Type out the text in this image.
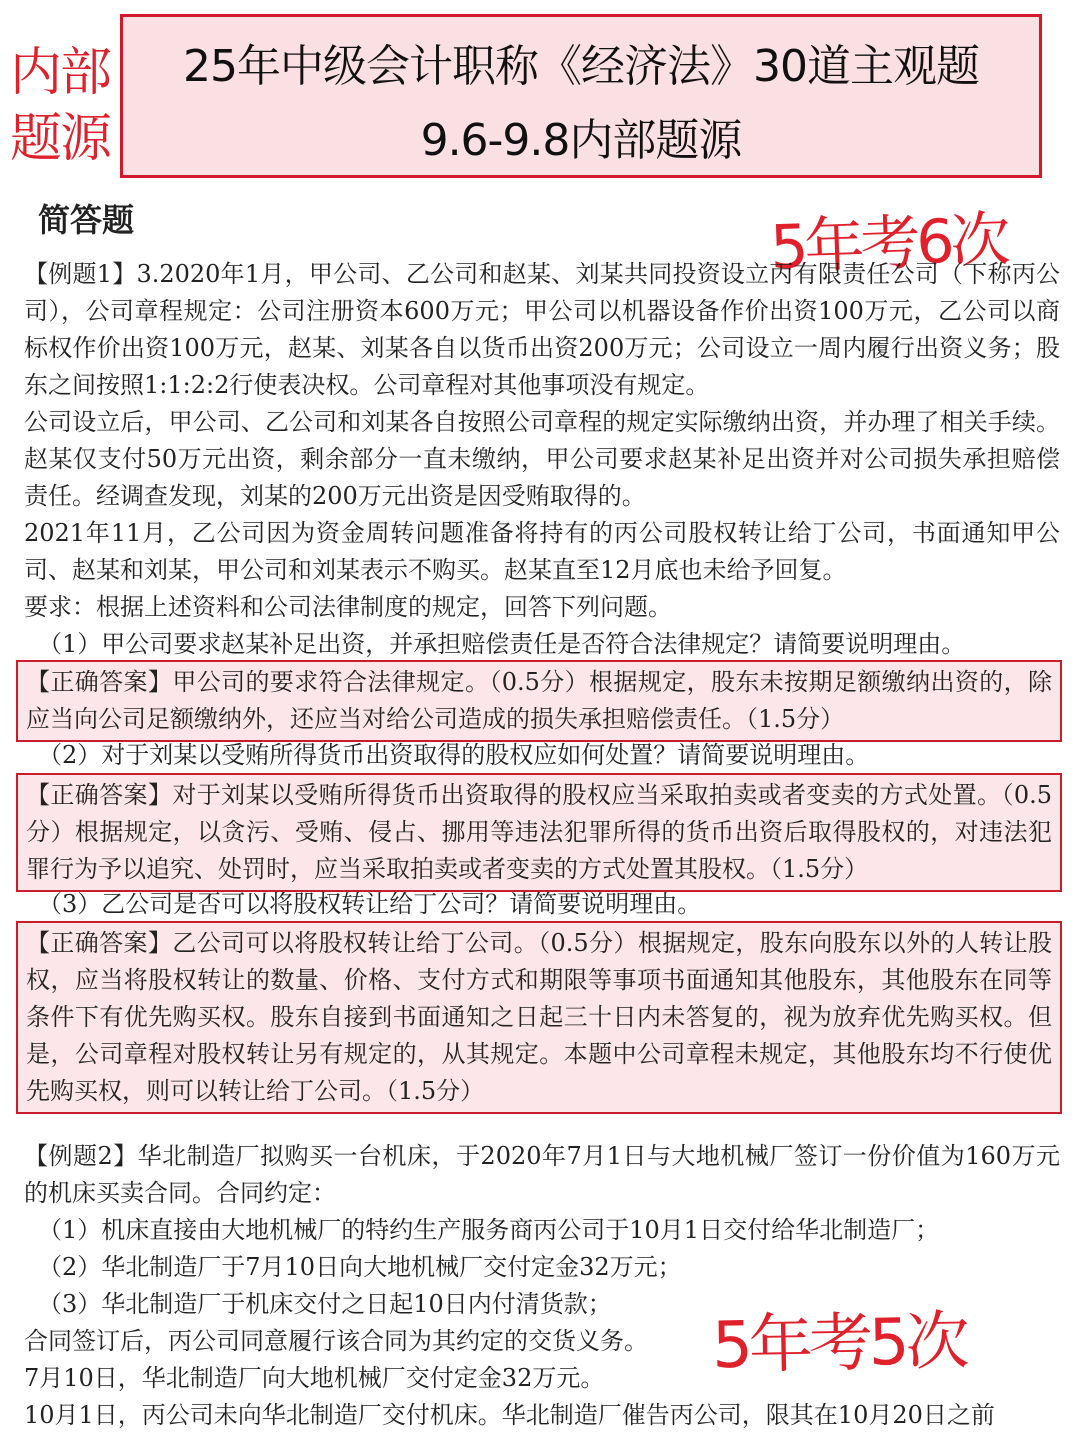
内部题源
25年中级会计职称《经济法》30道主观题
9.6-9.8内部题源
简答题	5年考6次

【例题1】3.2020年1月，甲公司、乙公司和赵某、刘某共同投资设立丙有限责任公司（下称丙公司），公司章程规定：公司注册资本600万元；甲公司以机器设备作价出资100万元，乙公司以商标权作价出资100万元，赵某、刘某各自以货币出资200万元；公司设立一周内履行出资义务；股东之间按照1:1:2:2行使表决权。公司章程对其他事项没有规定。

公司设立后，甲公司、乙公司和刘某各自按照公司章程的规定实际缴纳出资，并办理了相关手续。赵某仅支付50万元出资，剩余部分一直未缴纳，甲公司要求赵某补足出资并对公司损失承担赔偿责任。经调查发现，刘某的200万元出资是因受贿取得的。

2021年11月，乙公司因为资金周转问题准备将持有的丙公司股权转让给丁公司，书面通知甲公司、赵某和刘某，甲公司和刘某表示不购买。赵某直至12月底也未给予回复。

要求：根据上述资料和公司法律制度的规定，回答下列问题。

（1）甲公司要求赵某补足出资，并承担赔偿责任是否符合法律规定？请简要说明理由。

【正确答案】甲公司的要求符合法律规定。（0.5分）根据规定，股东未按期足额缴纳出资的，除应当向公司足额缴纳外，还应当对给公司造成的损失承担赔偿责任。（1.5分）

（2）对于刘某以受贿所得货币出资取得的股权应如何处置？请简要说明理由。

【正确答案】对于刘某以受贿所得货币出资取得的股权应当采取拍卖或者变卖的方式处置。（0.5分）根据规定，以贪污、受贿、侵占、挪用等违法犯罪所得的货币出资后取得股权的，对违法犯罪行为予以追究、处罚时，应当采取拍卖或者变卖的方式处置其股权。（1.5分）

（3）乙公司是否可以将股权转让给丁公司？请简要说明理由。

【正确答案】乙公司可以将股权转让给丁公司。（0.5分）根据规定，股东向股东以外的人转让股权，应当将股权转让的数量、价格、支付方式和期限等事项书面通知其他股东，其他股东在同等条件下有优先购买权。股东自接到书面通知之日起三十日内未答复的，视为放弃优先购买权。但是，公司章程对股权转让另有规定的，从其规定。本题中公司章程未规定，其他股东均不行使优先购买权，则可以转让给丁公司。（1.5分）

【例题2】华北制造厂拟购买一台机床，于2020年7月1日与大地机械厂签订一份价值为160万元的机床买卖合同。合同约定：

（1）机床直接由大地机械厂的特约生产服务商丙公司于10月1日交付给华北制造厂；

（2）华北制造厂于7月10日向大地机械厂交付定金32万元；

（3）华北制造厂于机床交付之日起10日内付清货款；

合同签订后，丙公司同意履行该合同为其约定的交货义务。 5年考5次

7月10日，华北制造厂向大地机械厂交付定金32万元。

10月1日，丙公司未向华北制造厂交付机床。华北制造厂催告丙公司，限其在10月20日之前
